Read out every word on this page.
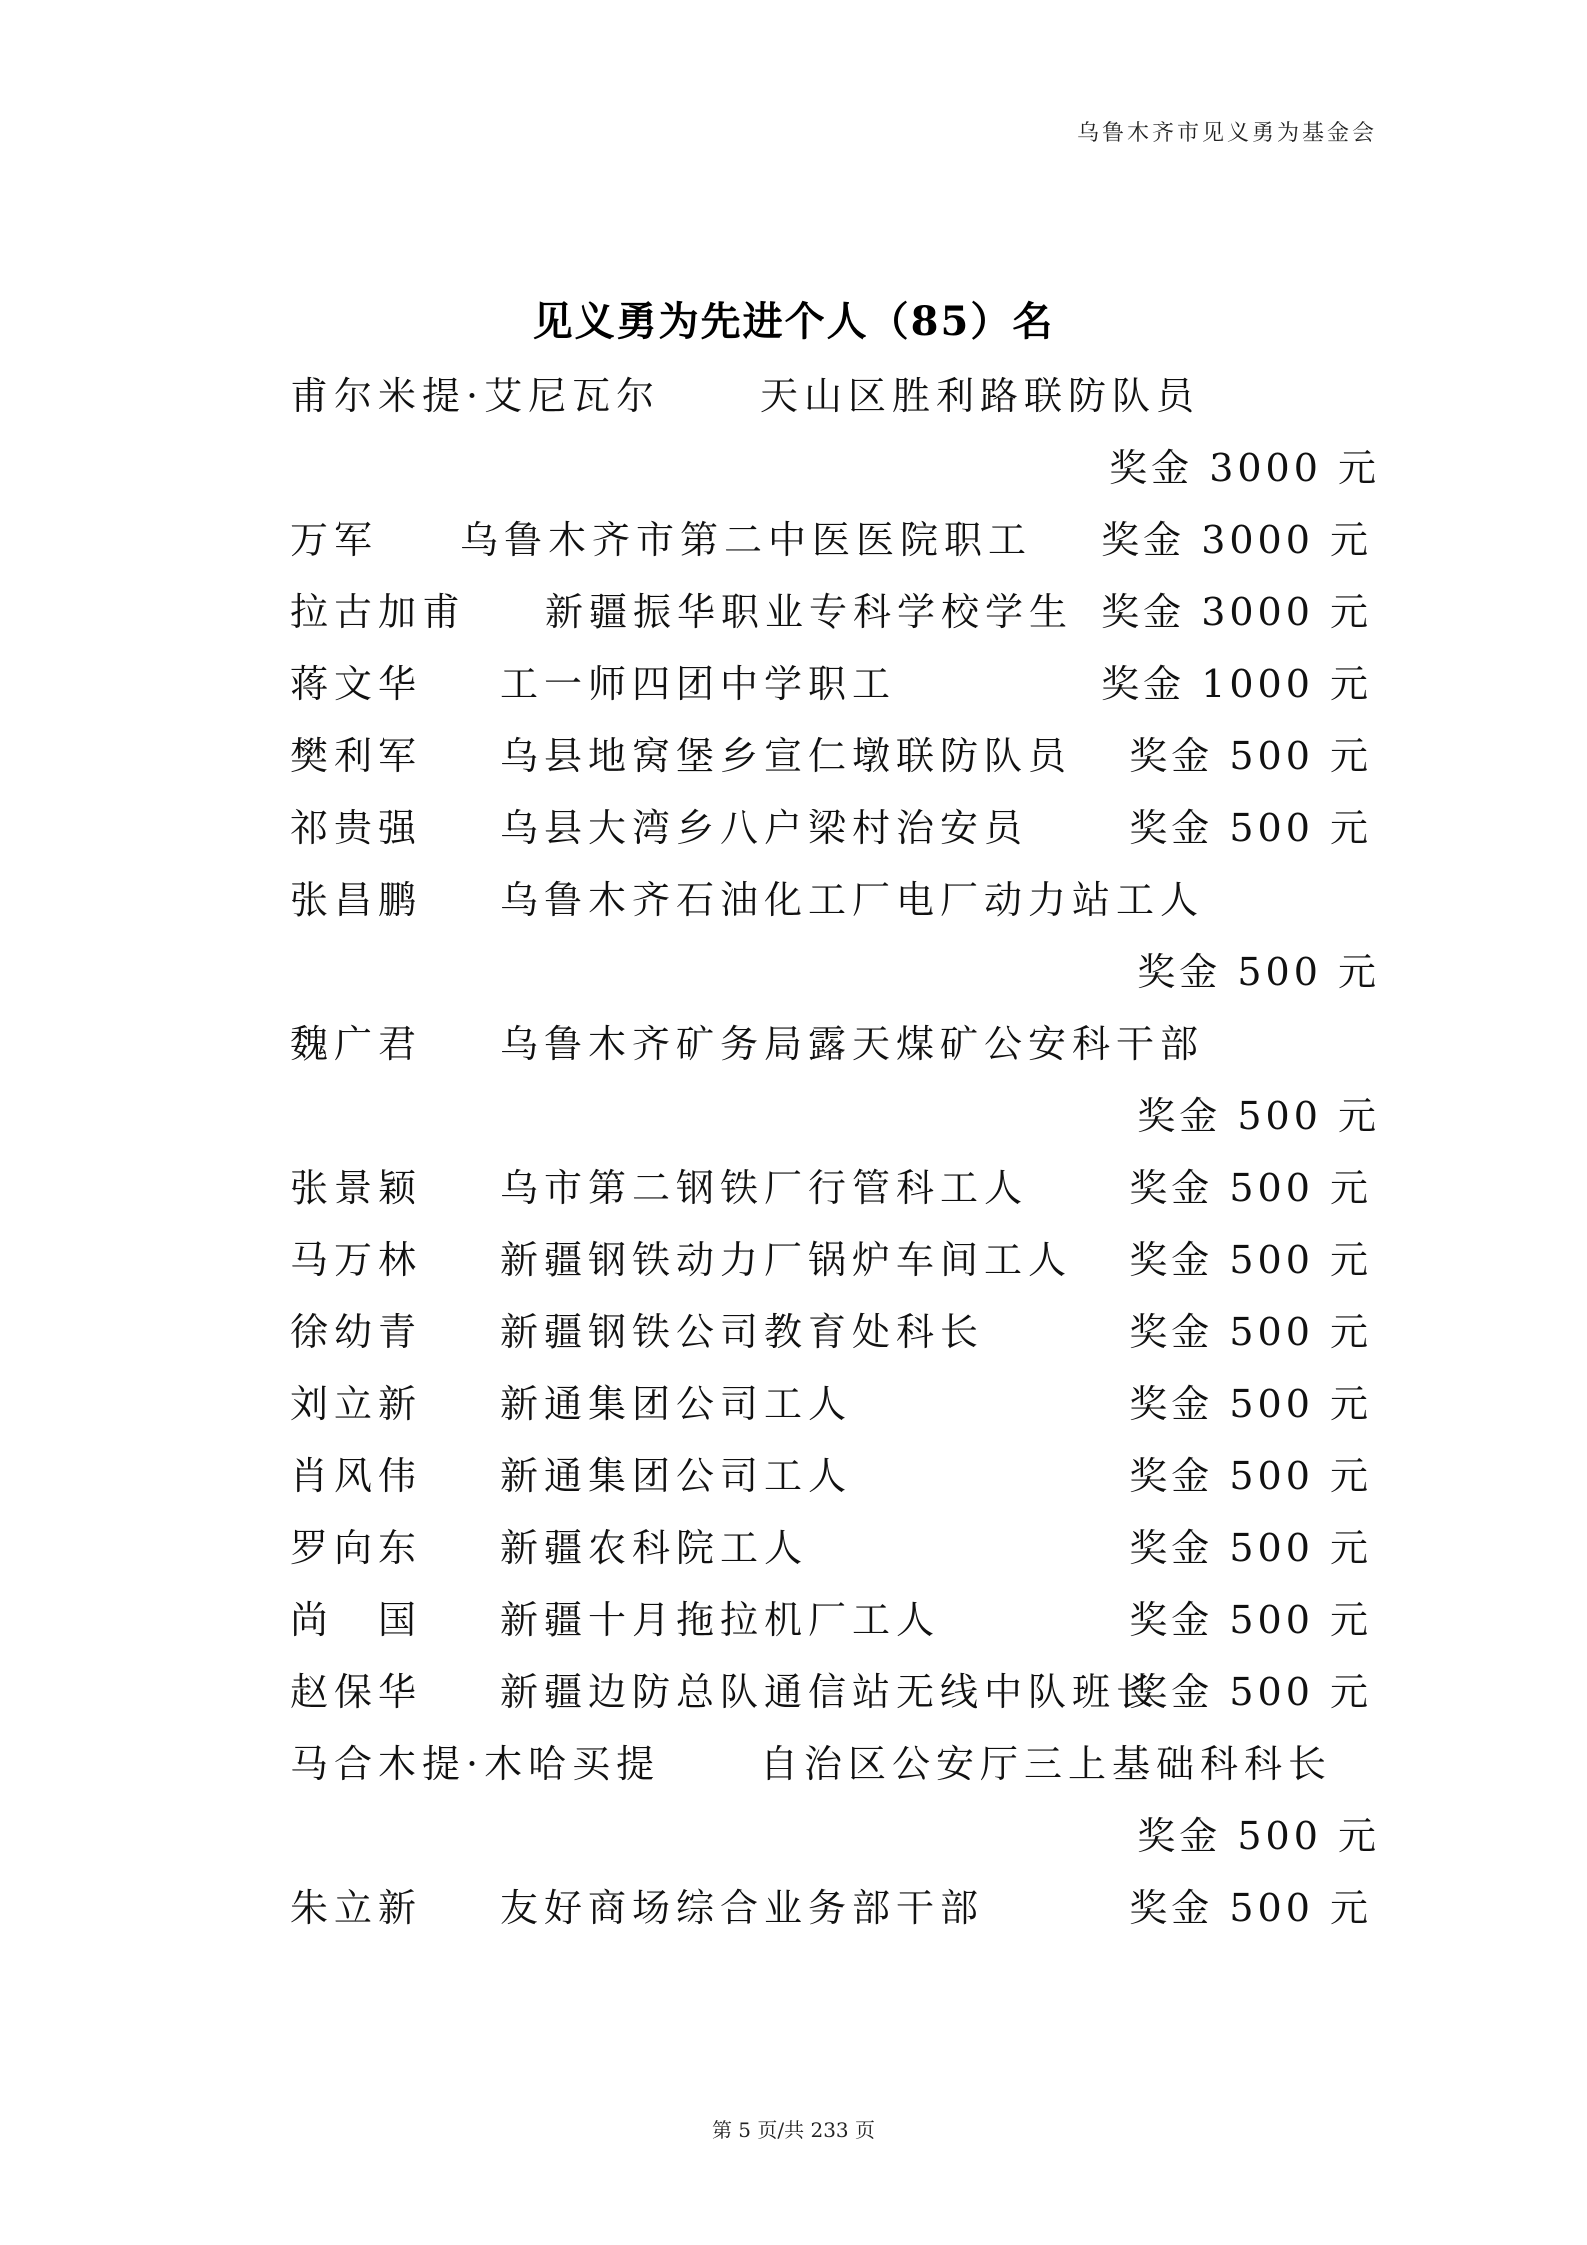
乌鲁木齐市见义勇为基金会
见义勇为先进个人（85）名
甫尔米提·艾尼瓦尔	天山区胜利路联防队员
奖金 3000 元
万军 乌鲁木齐市第二中医医院职工 奖金 3000 元
拉古加甫 新疆振华职业专科学校学生 奖金 3000 元
蒋文华 工一师四团中学职工	奖金 1000 元
樊利军 乌县地窝堡乡宣仁墩联防队员 奖金 500 元
祁贵强 乌县大湾乡八户梁村治安员	奖金 500 元
张昌鹏 乌鲁木齐石油化工厂电厂动力站工人
奖金 500 元
魏广君 乌鲁木齐矿务局露天煤矿公安科干部
奖金 500 元
张景颖 乌市第二钢铁厂行管科工人	奖金 500 元
马万林 新疆钢铁动力厂锅炉车间工人 奖金 500 元
徐幼青 新疆钢铁公司教育处科长	奖金 500 元
刘立新 新通集团公司工人	奖金 500 元
肖风伟 新通集团公司工人	奖金 500 元
罗向东 新疆农科院工人	奖金 500 元
尚　国 新疆十月拖拉机厂工人	奖金 500 元
赵保华 新疆边防总队通信站无线中队班长
奖金 500 元
马合木提·木哈买提	自治区公安厅三上基础科科长
奖金 500 元
朱立新 友好商场综合业务部干部	奖金 500 元
第 5 页/共 233 页
